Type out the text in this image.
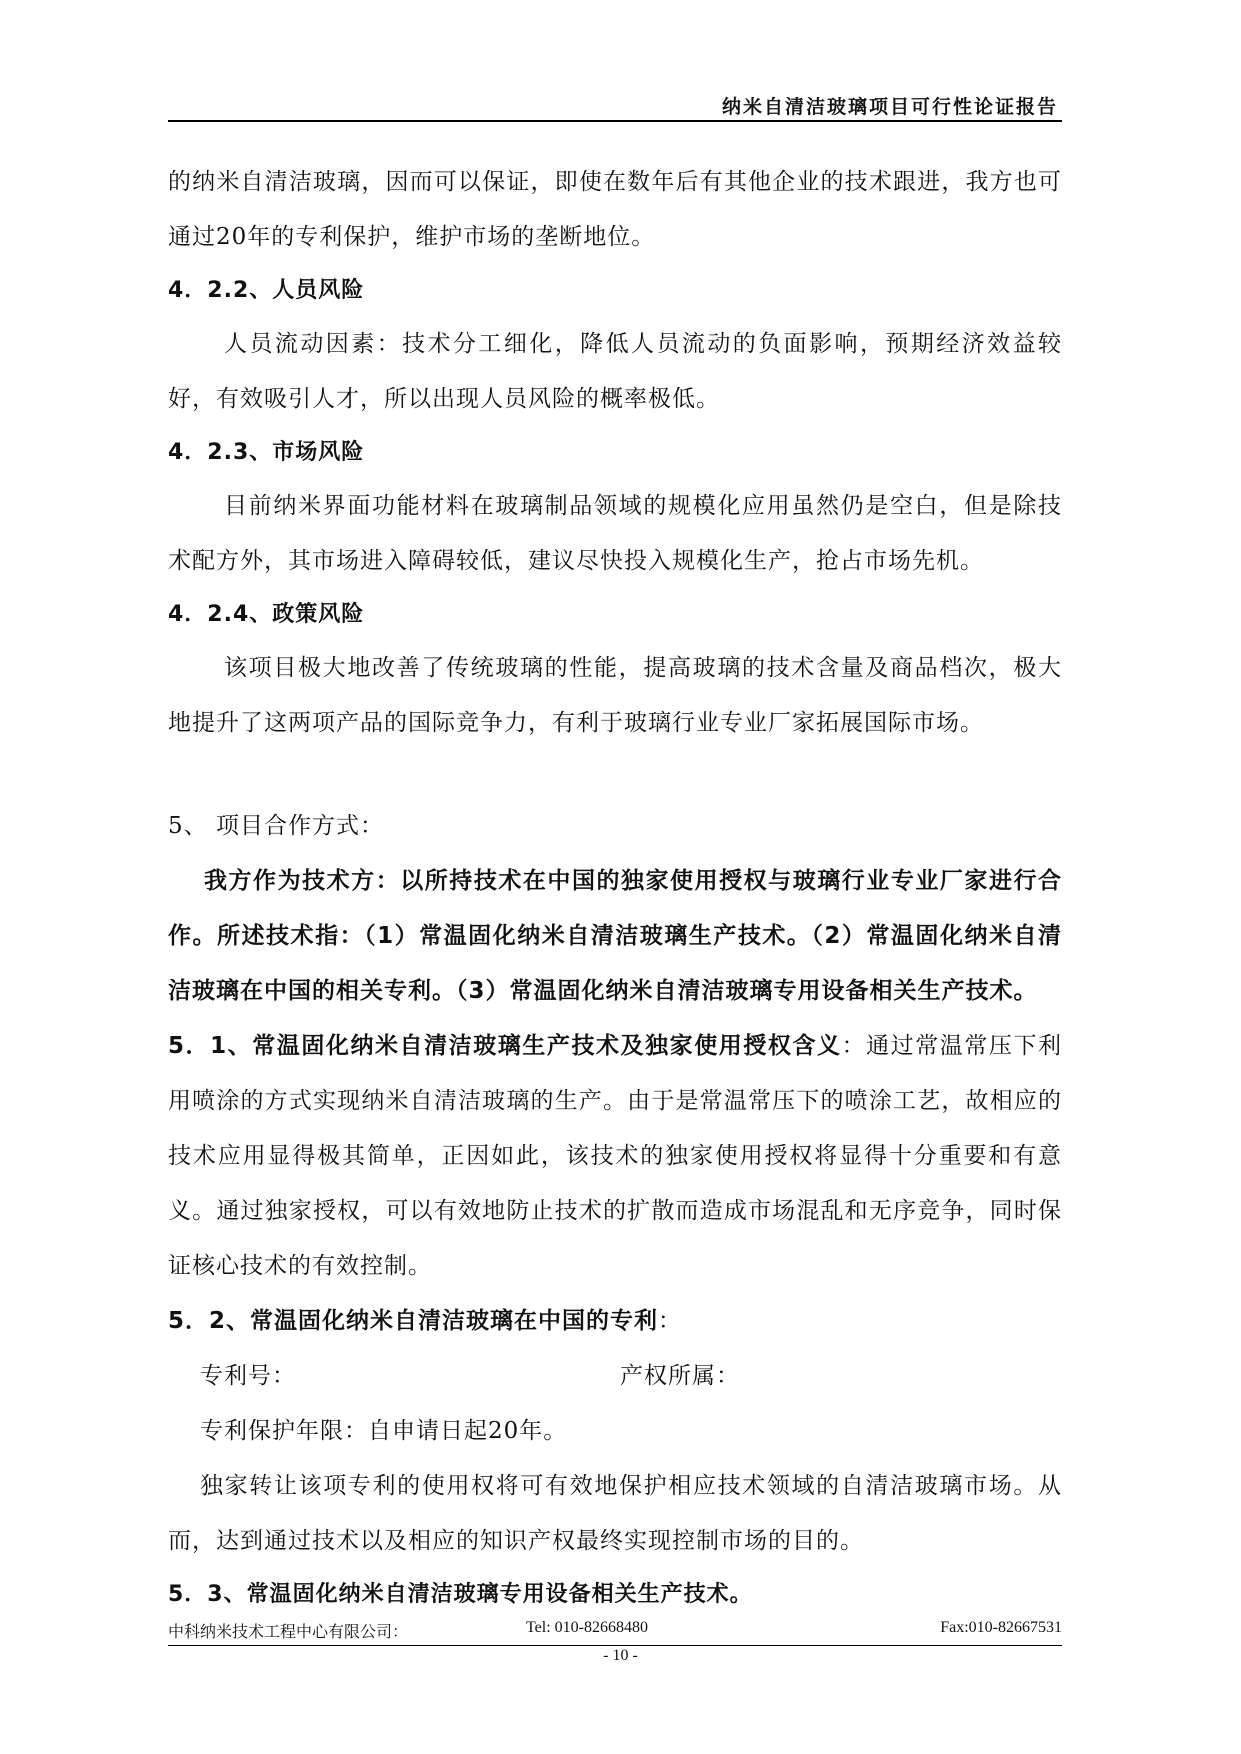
纳米自清洁玻璃项目可行性论证报告

的纳米自清洁玻璃，因而可以保证，即使在数年后有其他企业的技术跟进，我方也可通过20年的专利保护，维护市场的垄断地位。

4．2.2、人员风险

人员流动因素：技术分工细化，降低人员流动的负面影响，预期经济效益较好，有效吸引人才，所以出现人员风险的概率极低。

4．2.3、市场风险

目前纳米界面功能材料在玻璃制品领域的规模化应用虽然仍是空白，但是除技术配方外，其市场进入障碍较低，建议尽快投入规模化生产，抢占市场先机。

4．2.4、政策风险

该项目极大地改善了传统玻璃的性能，提高玻璃的技术含量及商品档次，极大地提升了这两项产品的国际竞争力，有利于玻璃行业专业厂家拓展国际市场。

5、 项目合作方式：

我方作为技术方：以所持技术在中国的独家使用授权与玻璃行业专业厂家进行合作。所述技术指：（1）常温固化纳米自清洁玻璃生产技术。（2）常温固化纳米自清洁玻璃在中国的相关专利。（3）常温固化纳米自清洁玻璃专用设备相关生产技术。

5．1、常温固化纳米自清洁玻璃生产技术及独家使用授权含义：通过常温常压下利用喷涂的方式实现纳米自清洁玻璃的生产。由于是常温常压下的喷涂工艺，故相应的技术应用显得极其简单，正因如此，该技术的独家使用授权将显得十分重要和有意义。通过独家授权，可以有效地防止技术的扩散而造成市场混乱和无序竞争，同时保证核心技术的有效控制。

5．2、常温固化纳米自清洁玻璃在中国的专利：

专利号：	产权所属：

专利保护年限：自申请日起20年。

独家转让该项专利的使用权将可有效地保护相应技术领域的自清洁玻璃市场。从而，达到通过技术以及相应的知识产权最终实现控制市场的目的。

5．3、常温固化纳米自清洁玻璃专用设备相关生产技术。

中科纳米技术工程中心有限公司：	Tel: 010-82668480	Fax:010-82667531
- 10 -
